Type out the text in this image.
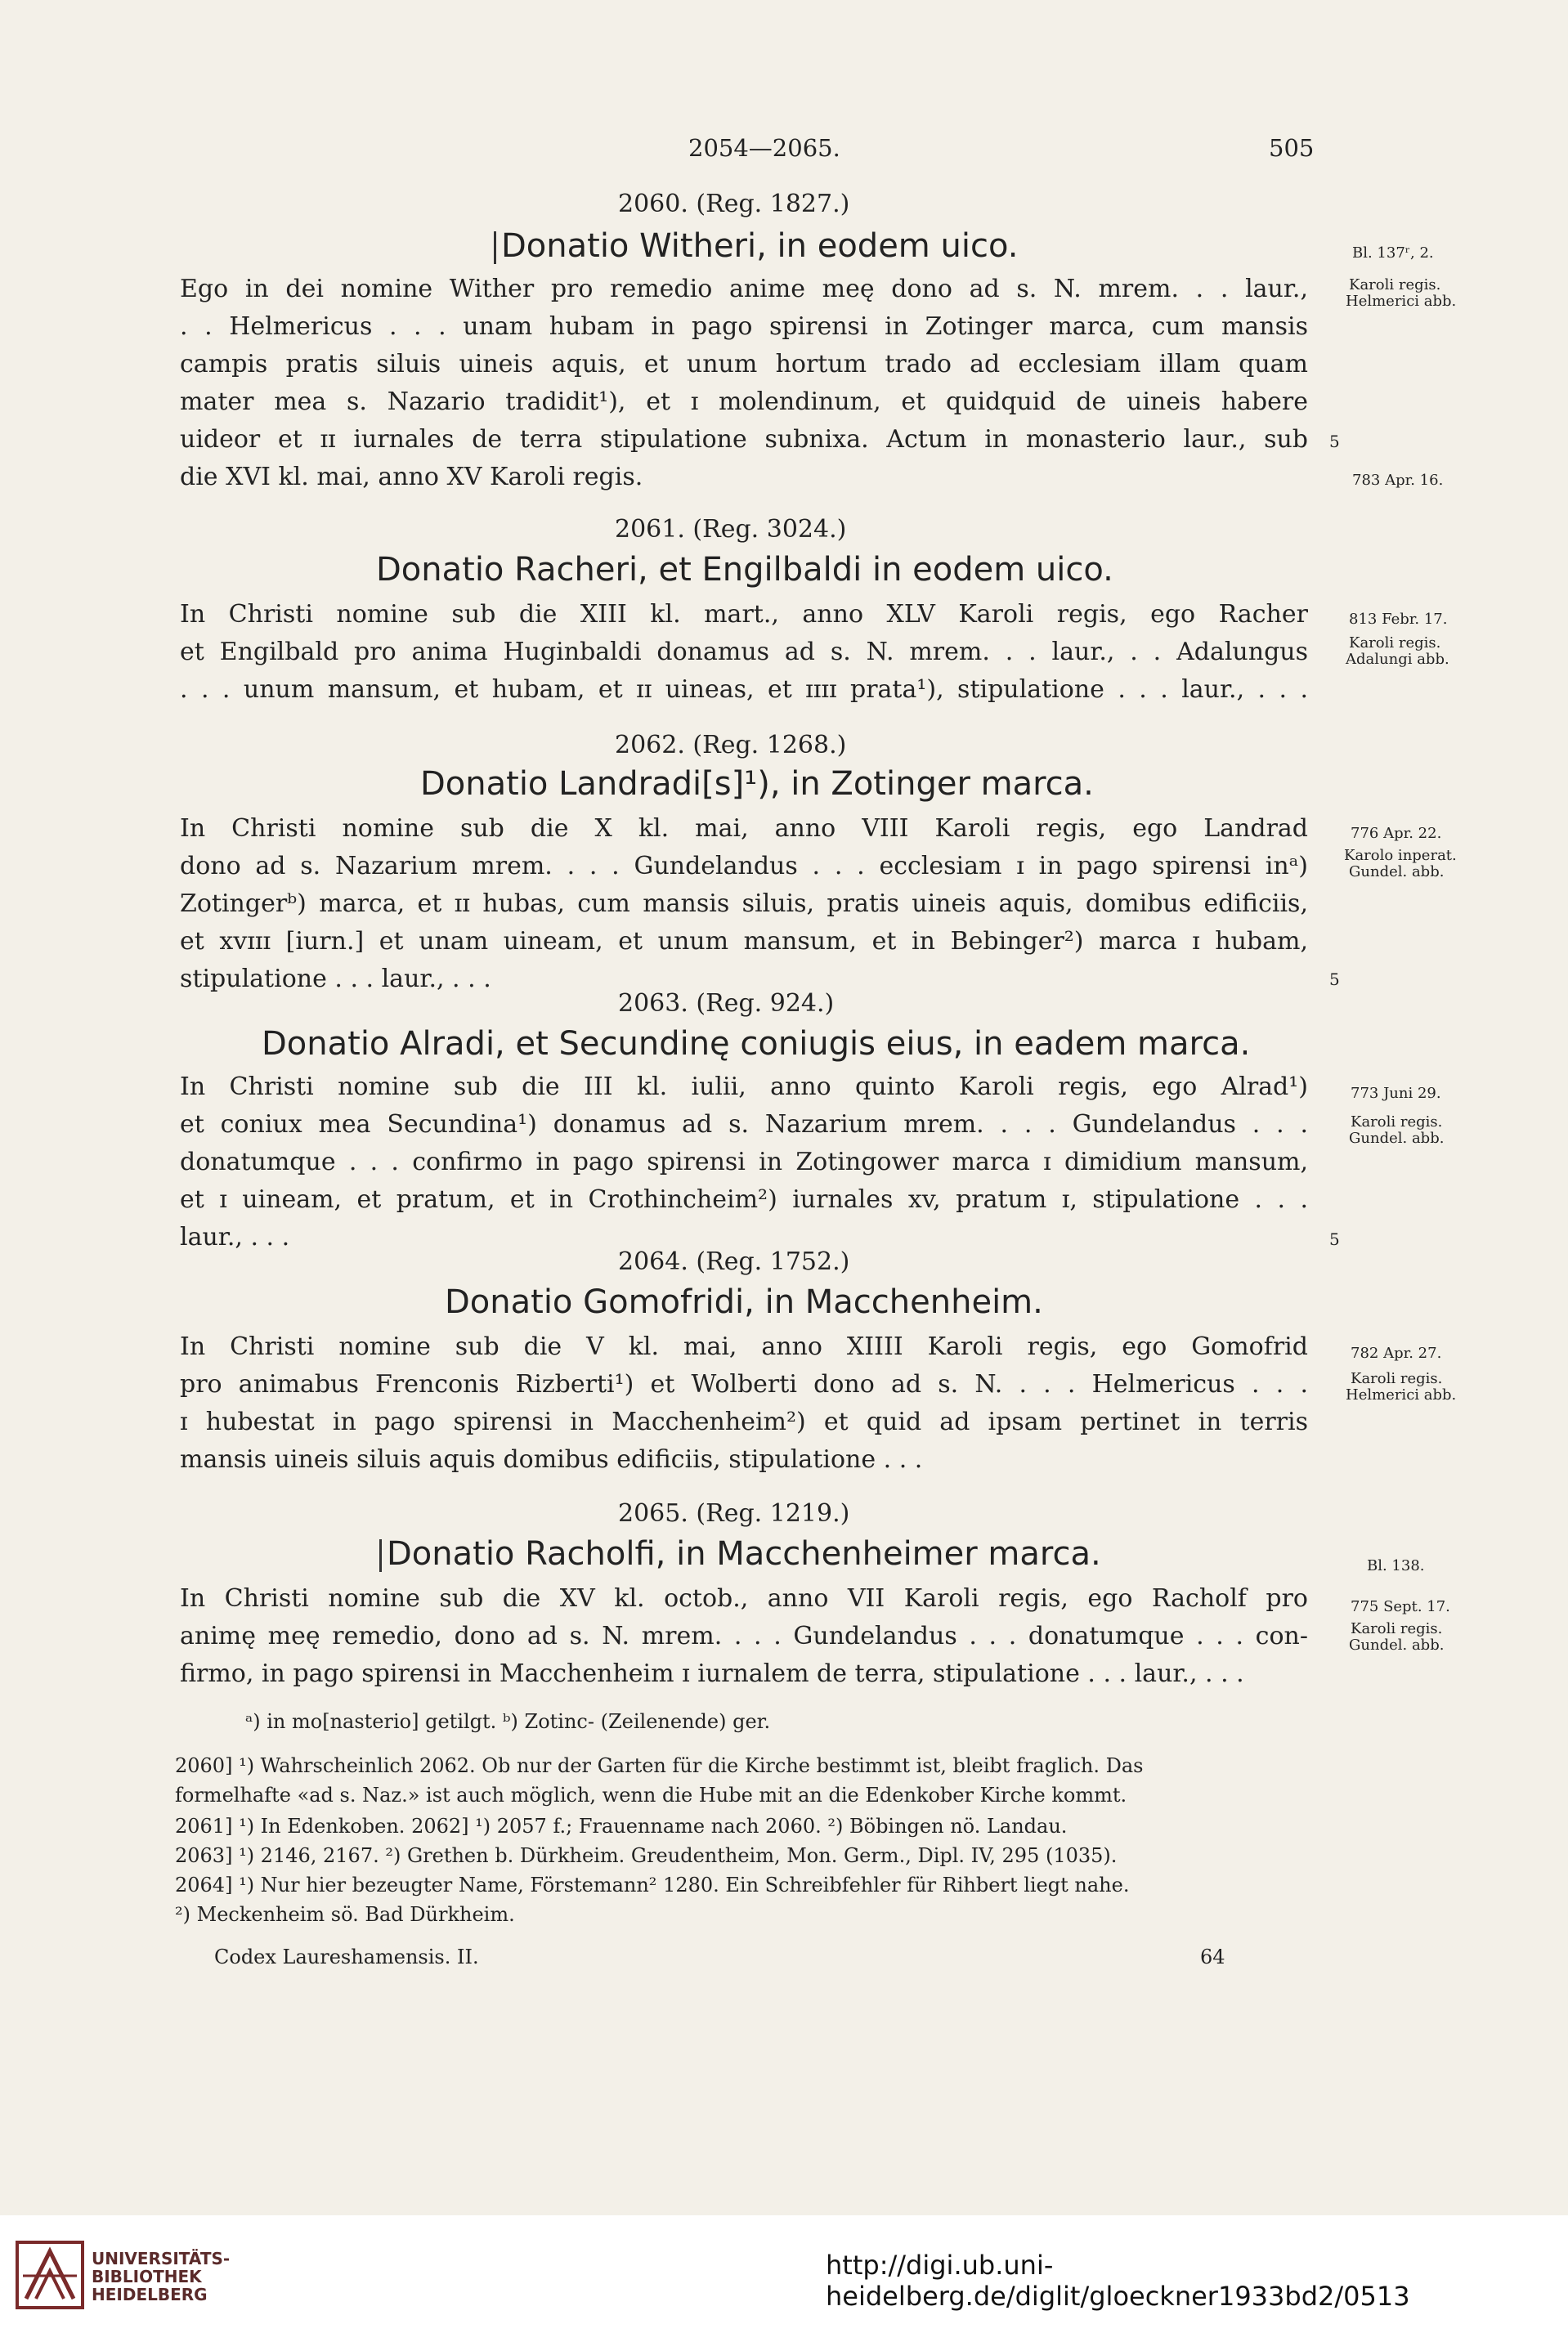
2054—2065.	505
2060. (Reg. 1827.)
Donatio Witheri, in eodem uico.
Ego in dei nomine Wither pro remedio anime meę dono ad s. N. mrem. . . laur.,
. . Helmericus . . . unam hubam in pago spirensi in Zotinger marca, cum mansis
campis pratis siluis uineis aquis, et unum hortum trado ad ecclesiam illam quam
mater mea s. Nazario tradidit¹), et ɪ molendinum, et quidquid de uineis habere
uideor et ɪɪ iurnales de terra stipulatione subnixa. Actum in monasterio laur., sub
die XVI kl. mai, anno XV Karoli regis.
Bl. 137ʳ, 2.
Karoli regis.
Helmerici abb.
5
783 Apr. 16.
2061. (Reg. 3024.)
Donatio Racheri, et Engilbaldi in eodem uico.
In Christi nomine sub die XIII kl. mart., anno XLV Karoli regis, ego Racher
et Engilbald pro anima Huginbaldi donamus ad s. N. mrem. . . laur., . . Adalungus
. . . unum mansum, et hubam, et ɪɪ uineas, et ɪɪɪɪ prata¹), stipulatione . . . laur., . . .
813 Febr. 17.
Karoli regis.
Adalungi abb.
2062. (Reg. 1268.)
Donatio Landradi[s]¹), in Zotinger marca.
In Christi nomine sub die X kl. mai, anno VIII Karoli regis, ego Landrad
dono ad s. Nazarium mrem. . . . Gundelandus . . . ecclesiam ɪ in pago spirensi inᵃ)
Zotingerᵇ) marca, et ɪɪ hubas, cum mansis siluis, pratis uineis aquis, domibus edificiis,
et xvɪɪɪ [iurn.] et unam uineam, et unum mansum, et in Bebinger²) marca ɪ hubam,
stipulatione . . . laur., . . .
776 Apr. 22.
Karolo inperat.
Gundel. abb.
5
2063. (Reg. 924.)
Donatio Alradi, et Secundinę coniugis eius, in eadem marca.
In Christi nomine sub die III kl. iulii, anno quinto Karoli regis, ego Alrad¹)
et coniux mea Secundina¹) donamus ad s. Nazarium mrem. . . . Gundelandus . . .
donatumque . . . confirmo in pago spirensi in Zotingower marca ɪ dimidium mansum,
et ɪ uineam, et pratum, et in Crothincheim²) iurnales xv, pratum ɪ, stipulatione . . .
laur., . . .
773 Juni 29.
Karoli regis.
Gundel. abb.
5
2064. (Reg. 1752.)
Donatio Gomofridi, in Macchenheim.
In Christi nomine sub die V kl. mai, anno XIIII Karoli regis, ego Gomofrid
pro animabus Frenconis Rizberti¹) et Wolberti dono ad s. N. . . . Helmericus . . .
ɪ hubestat in pago spirensi in Macchenheim²) et quid ad ipsam pertinet in terris
mansis uineis siluis aquis domibus edificiis, stipulatione . . .
782 Apr. 27.
Karoli regis.
Helmerici abb.
2065. (Reg. 1219.)
Donatio Racholfi, in Macchenheimer marca.
In Christi nomine sub die XV kl. octob., anno VII Karoli regis, ego Racholf pro
animę meę remedio, dono ad s. N. mrem. . . . Gundelandus . . . donatumque . . . con-
firmo, in pago spirensi in Macchenheim ɪ iurnalem de terra, stipulatione . . . laur., . . .
Bl. 138.
775 Sept. 17.
Karoli regis.
Gundel. abb.
ᵃ) in mo[nasterio] getilgt. ᵇ) Zotinc- (Zeilenende) ger.
2060] ¹) Wahrscheinlich 2062. Ob nur der Garten für die Kirche bestimmt ist, bleibt fraglich. Das
formelhafte «ad s. Naz.» ist auch möglich, wenn die Hube mit an die Edenkober Kirche kommt.
2061] ¹) In Edenkoben. 2062] ¹) 2057 f.; Frauenname nach 2060. ²) Böbingen nö. Landau.
2063] ¹) 2146, 2167. ²) Grethen b. Dürkheim. Greudentheim, Mon. Germ., Dipl. IV, 295 (1035).
2064] ¹) Nur hier bezeugter Name, Förstemann² 1280. Ein Schreibfehler für Rihbert liegt nahe.
²) Meckenheim sö. Bad Dürkheim.
Codex Laureshamensis. II.	64
UNIVERSITÄTS-
BIBLIOTHEK
HEIDELBERG
http://digi.ub.uni-heidelberg.de/diglit/gloeckner1933bd2/0513
